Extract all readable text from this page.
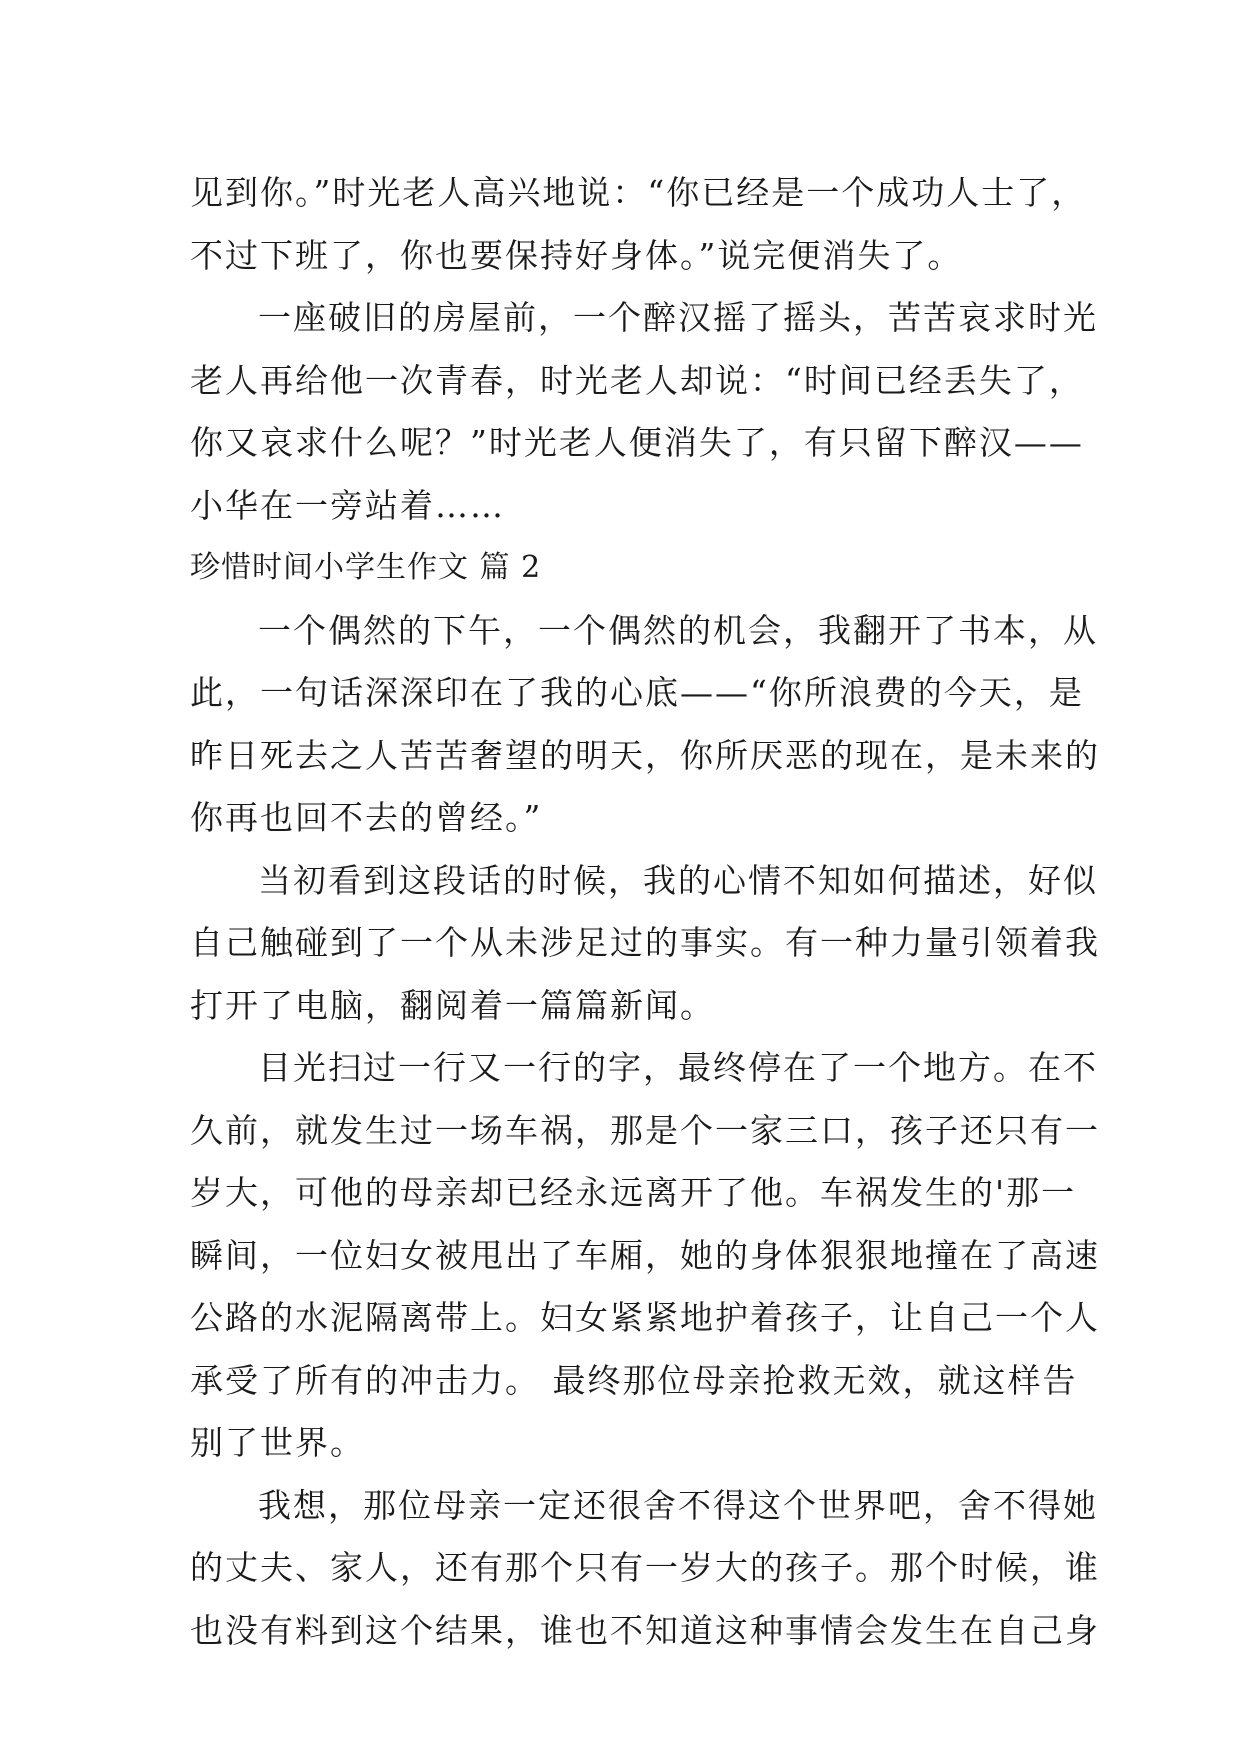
见到你。”时光老人高兴地说：“你已经是一个成功人士了，
不过下班了，你也要保持好身体。”说完便消失了。
一座破旧的房屋前，一个醉汉摇了摇头，苦苦哀求时光
老人再给他一次青春，时光老人却说：“时间已经丢失了，
你又哀求什么呢？”时光老人便消失了，有只留下醉汉——
小华在一旁站着……
珍惜时间小学生作文 篇 2
一个偶然的下午，一个偶然的机会，我翻开了书本，从
此，一句话深深印在了我的心底——“你所浪费的今天，是
昨日死去之人苦苦奢望的明天，你所厌恶的现在，是未来的
你再也回不去的曾经。”
当初看到这段话的时候，我的心情不知如何描述，好似
自己触碰到了一个从未涉足过的事实。有一种力量引领着我
打开了电脑，翻阅着一篇篇新闻。
目光扫过一行又一行的字，最终停在了一个地方。在不
久前，就发生过一场车祸，那是个一家三口，孩子还只有一
岁大，可他的母亲却已经永远离开了他。车祸发生的'那一
瞬间，一位妇女被甩出了车厢，她的身体狠狠地撞在了高速
公路的水泥隔离带上。妇女紧紧地护着孩子，让自己一个人
承受了所有的冲击力。 最终那位母亲抢救无效，就这样告
别了世界。
我想，那位母亲一定还很舍不得这个世界吧，舍不得她
的丈夫、家人，还有那个只有一岁大的孩子。那个时候，谁
也没有料到这个结果，谁也不知道这种事情会发生在自己身
